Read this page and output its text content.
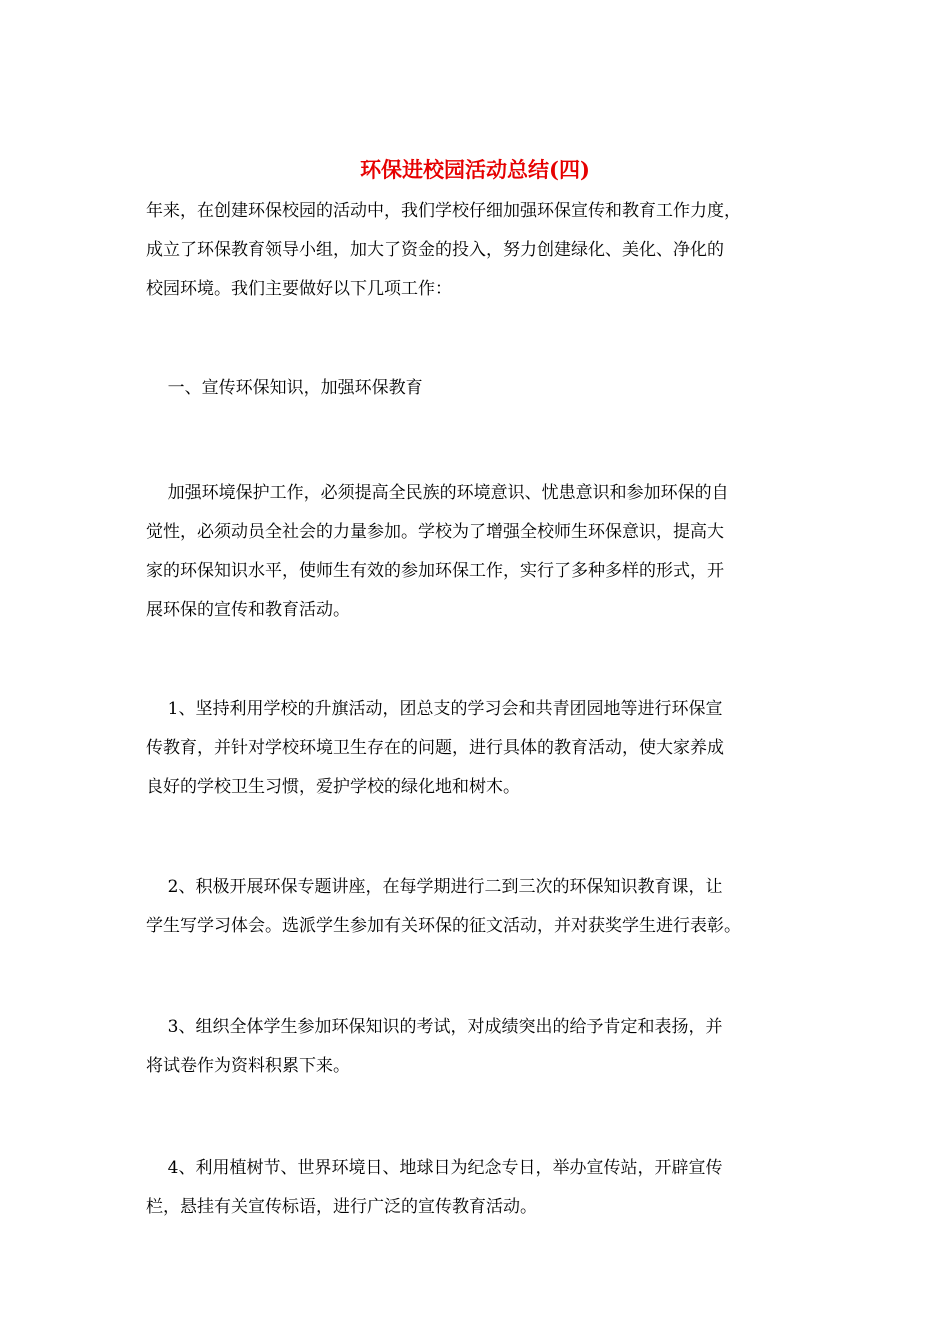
环保进校园活动总结(四)

年来，在创建环保校园的活动中，我们学校仔细加强环保宣传和教育工作力度，
成立了环保教育领导小组，加大了资金的投入，努力创建绿化、美化、净化的
校园环境。我们主要做好以下几项工作：

一、宣传环保知识，加强环保教育

加强环境保护工作，必须提高全民族的环境意识、忧患意识和参加环保的自
觉性，必须动员全社会的力量参加。学校为了增强全校师生环保意识，提高大
家的环保知识水平，使师生有效的参加环保工作，实行了多种多样的形式，开
展环保的宣传和教育活动。

1、坚持利用学校的升旗活动，团总支的学习会和共青团园地等进行环保宣
传教育，并针对学校环境卫生存在的问题，进行具体的教育活动，使大家养成
良好的学校卫生习惯，爱护学校的绿化地和树木。

2、积极开展环保专题讲座，在每学期进行二到三次的环保知识教育课，让
学生写学习体会。选派学生参加有关环保的征文活动，并对获奖学生进行表彰。

3、组织全体学生参加环保知识的考试，对成绩突出的给予肯定和表扬，并
将试卷作为资料积累下来。

4、利用植树节、世界环境日、地球日为纪念专日，举办宣传站，开辟宣传
栏，悬挂有关宣传标语，进行广泛的宣传教育活动。
